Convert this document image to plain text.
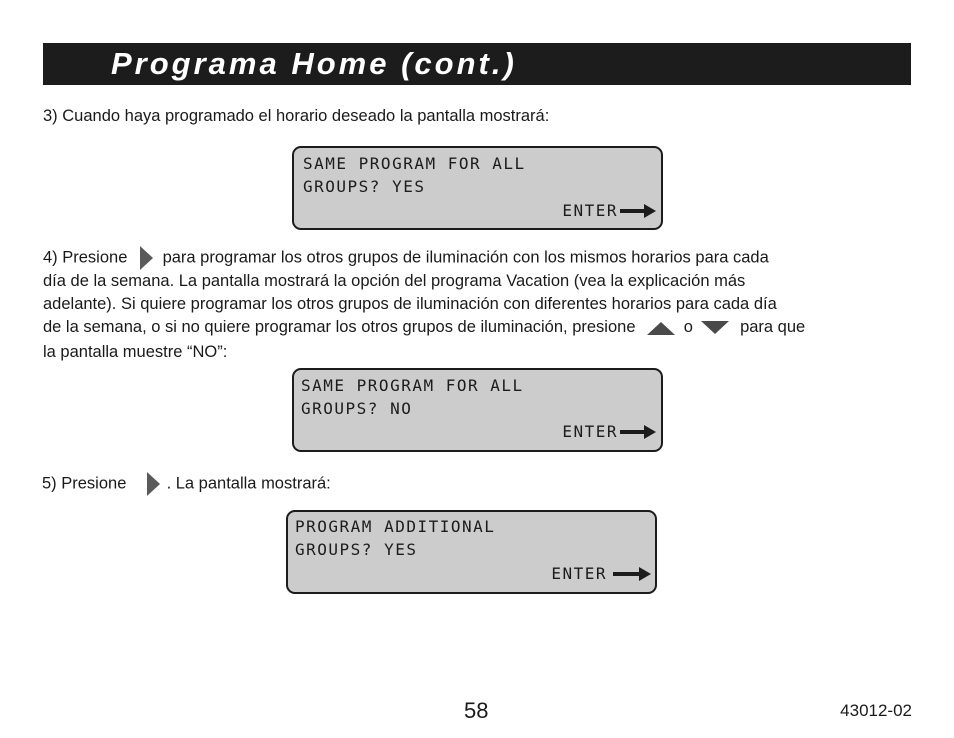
Programa Home (cont.)
3) Cuando haya programado el horario deseado la pantalla mostrará:
SAME PROGRAM FOR ALL
GROUPS? YES
ENTER
4) Presione para programar los otros grupos de iluminación con los mismos horarios para cada
día de la semana. La pantalla mostrará la opción del programa Vacation (vea la explicación más
adelante). Si quiere programar los otros grupos de iluminación con diferentes horarios para cada día
de la semana, o si no quiere programar los otros grupos de iluminación, presione	o	para que
la pantalla muestre “NO”:
SAME PROGRAM FOR ALL
GROUPS? NO
ENTER
5) Presione . La pantalla mostrará:
PROGRAM ADDITIONAL
GROUPS? YES
ENTER
58	43012-02
